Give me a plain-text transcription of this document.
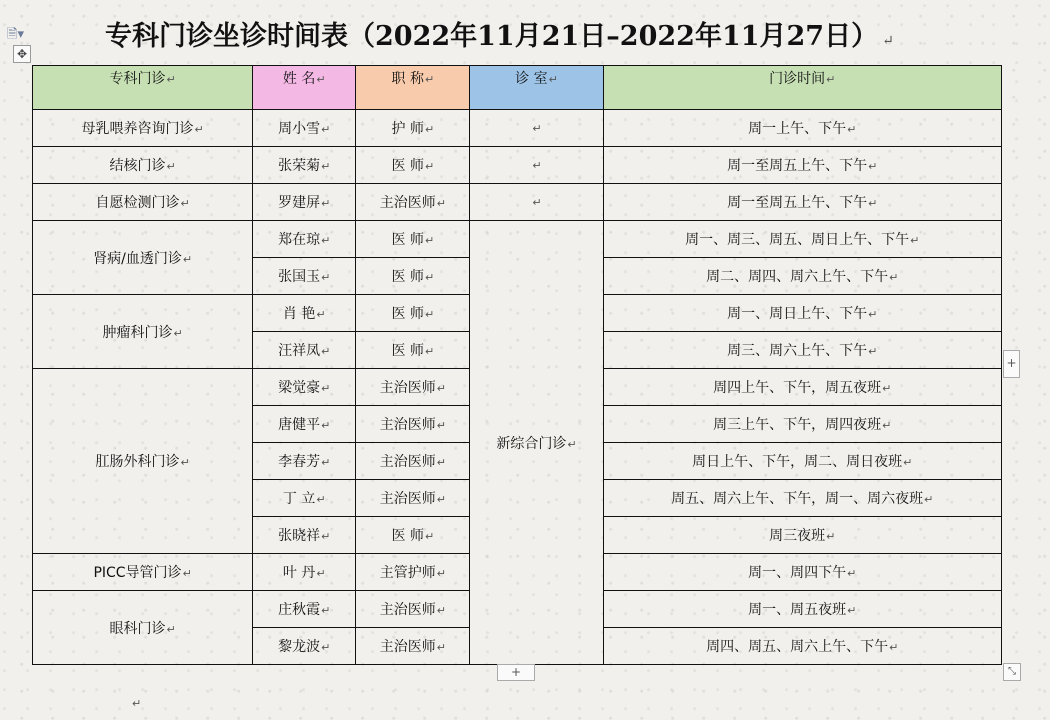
🗎▾
✥
专科门诊坐诊时间表（2022年11月21日–2022年11月27日） ↵
专科门诊↵	姓 名↵	职 称↵	诊 室↵	门诊时间↵
母乳喂养咨询门诊↵	周小雪↵	护 师↵	↵	周一上午、下午↵
结核门诊↵	张荣菊↵	医 师↵	↵	周一至周五上午、下午↵
自愿检测门诊↵	罗建屏↵	主治医师↵	↵	周一至周五上午、下午↵
肾病/血透门诊↵	郑在琼↵	医 师↵	新综合门诊↵	周一、周三、周五、周日上午、下午↵
	张国玉↵	医 师↵		周二、周四、周六上午、下午↵
肿瘤科门诊↵	肖 艳↵	医 师↵		周一、周日上午、下午↵
	汪祥凤↵	医 师↵		周三、周六上午、下午↵
肛肠外科门诊↵	梁觉豪↵	主治医师↵		周四上午、下午，周五夜班↵
	唐健平↵	主治医师↵		周三上午、下午，周四夜班↵
	李春芳↵	主治医师↵		周日上午、下午，周二、周日夜班↵
	丁 立↵	主治医师↵		周五、周六上午、下午，周一、周六夜班↵
	张晓祥↵	医 师↵		周三夜班↵
PICC导管门诊↵	叶 丹↵	主管护师↵		周一、周四下午↵
眼科门诊↵	庄秋霞↵	主治医师↵		周一、周五夜班↵
	黎龙波↵	主治医师↵		周四、周五、周六上午、下午↵
+
+	⤡
↵
